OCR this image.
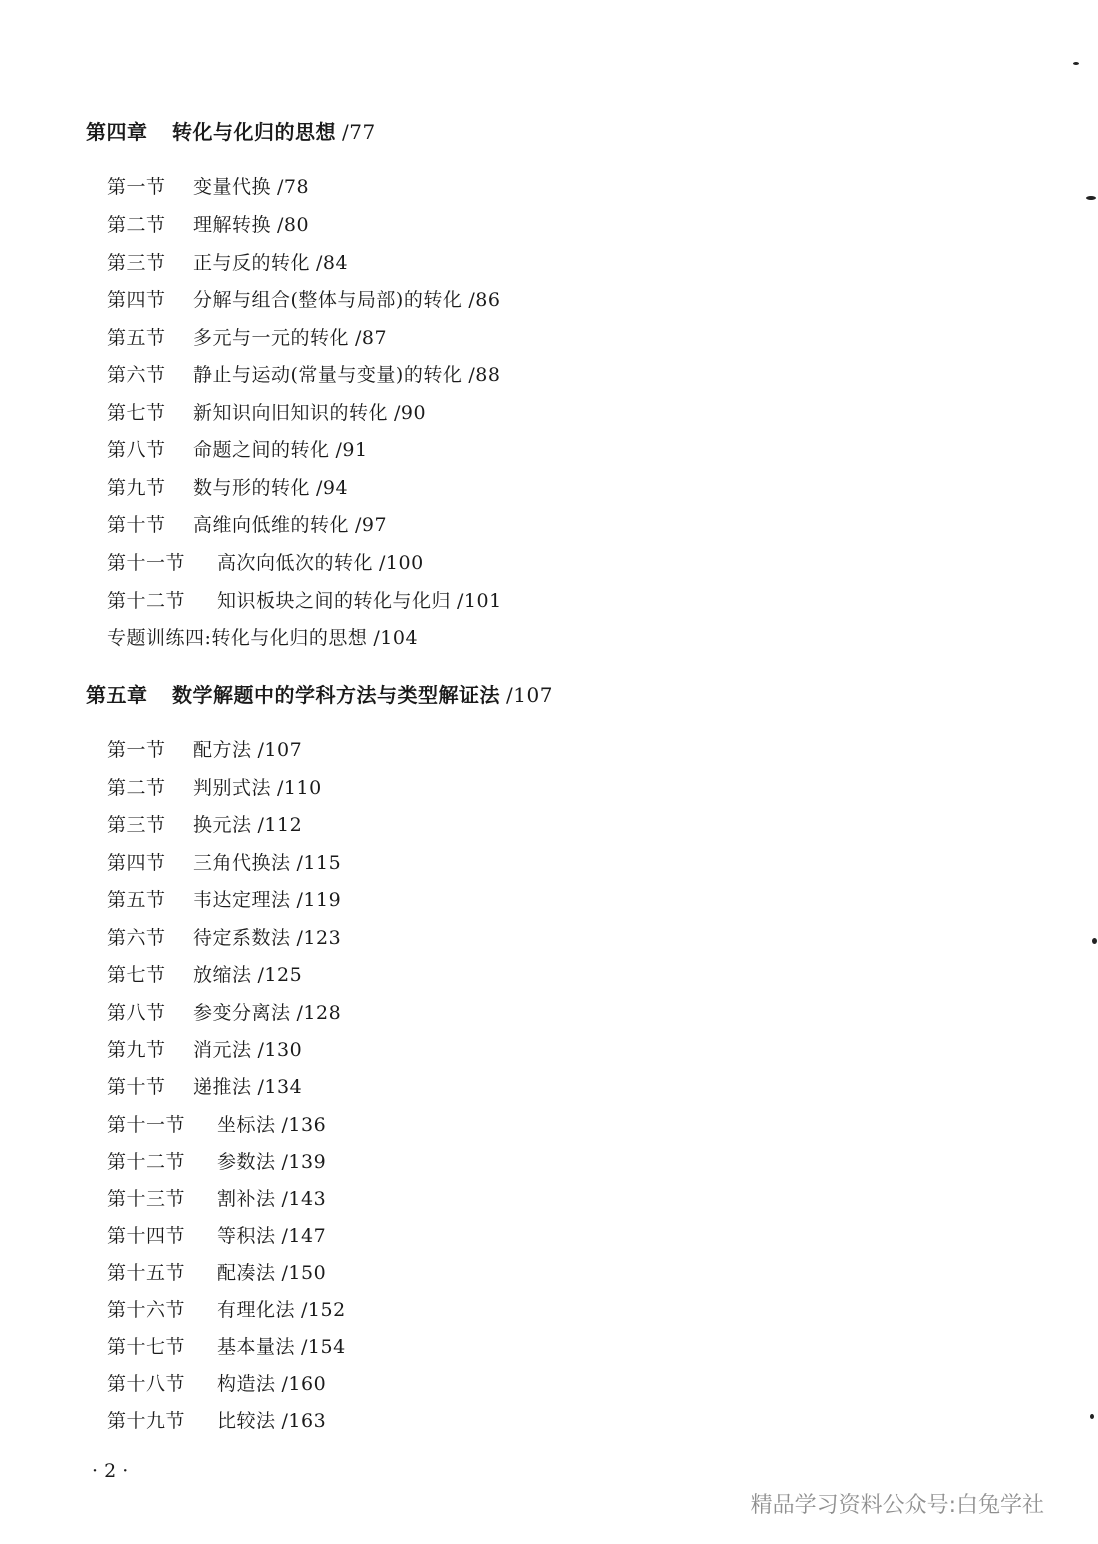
第四章 转化与化归的思想 /77
第一节 变量代换 /78
第二节 理解转换 /80
第三节 正与反的转化 /84
第四节 分解与组合(整体与局部)的转化 /86
第五节 多元与一元的转化 /87
第六节 静止与运动(常量与变量)的转化 /88
第七节 新知识向旧知识的转化 /90
第八节 命题之间的转化 /91
第九节 数与形的转化 /94
第十节 高维向低维的转化 /97
第十一节 高次向低次的转化 /100
第十二节 知识板块之间的转化与化归 /101
专题训练四:转化与化归的思想 /104
第五章 数学解题中的学科方法与类型解证法 /107
第一节 配方法 /107
第二节 判别式法 /110
第三节 换元法 /112
第四节 三角代换法 /115
第五节 韦达定理法 /119
第六节 待定系数法 /123
第七节 放缩法 /125
第八节 参变分离法 /128
第九节 消元法 /130
第十节 递推法 /134
第十一节 坐标法 /136
第十二节 参数法 /139
第十三节 割补法 /143
第十四节 等积法 /147
第十五节 配凑法 /150
第十六节 有理化法 /152
第十七节 基本量法 /154
第十八节 构造法 /160
第十九节 比较法 /163
· 2 ·
精品学习资料公众号:白兔学社
